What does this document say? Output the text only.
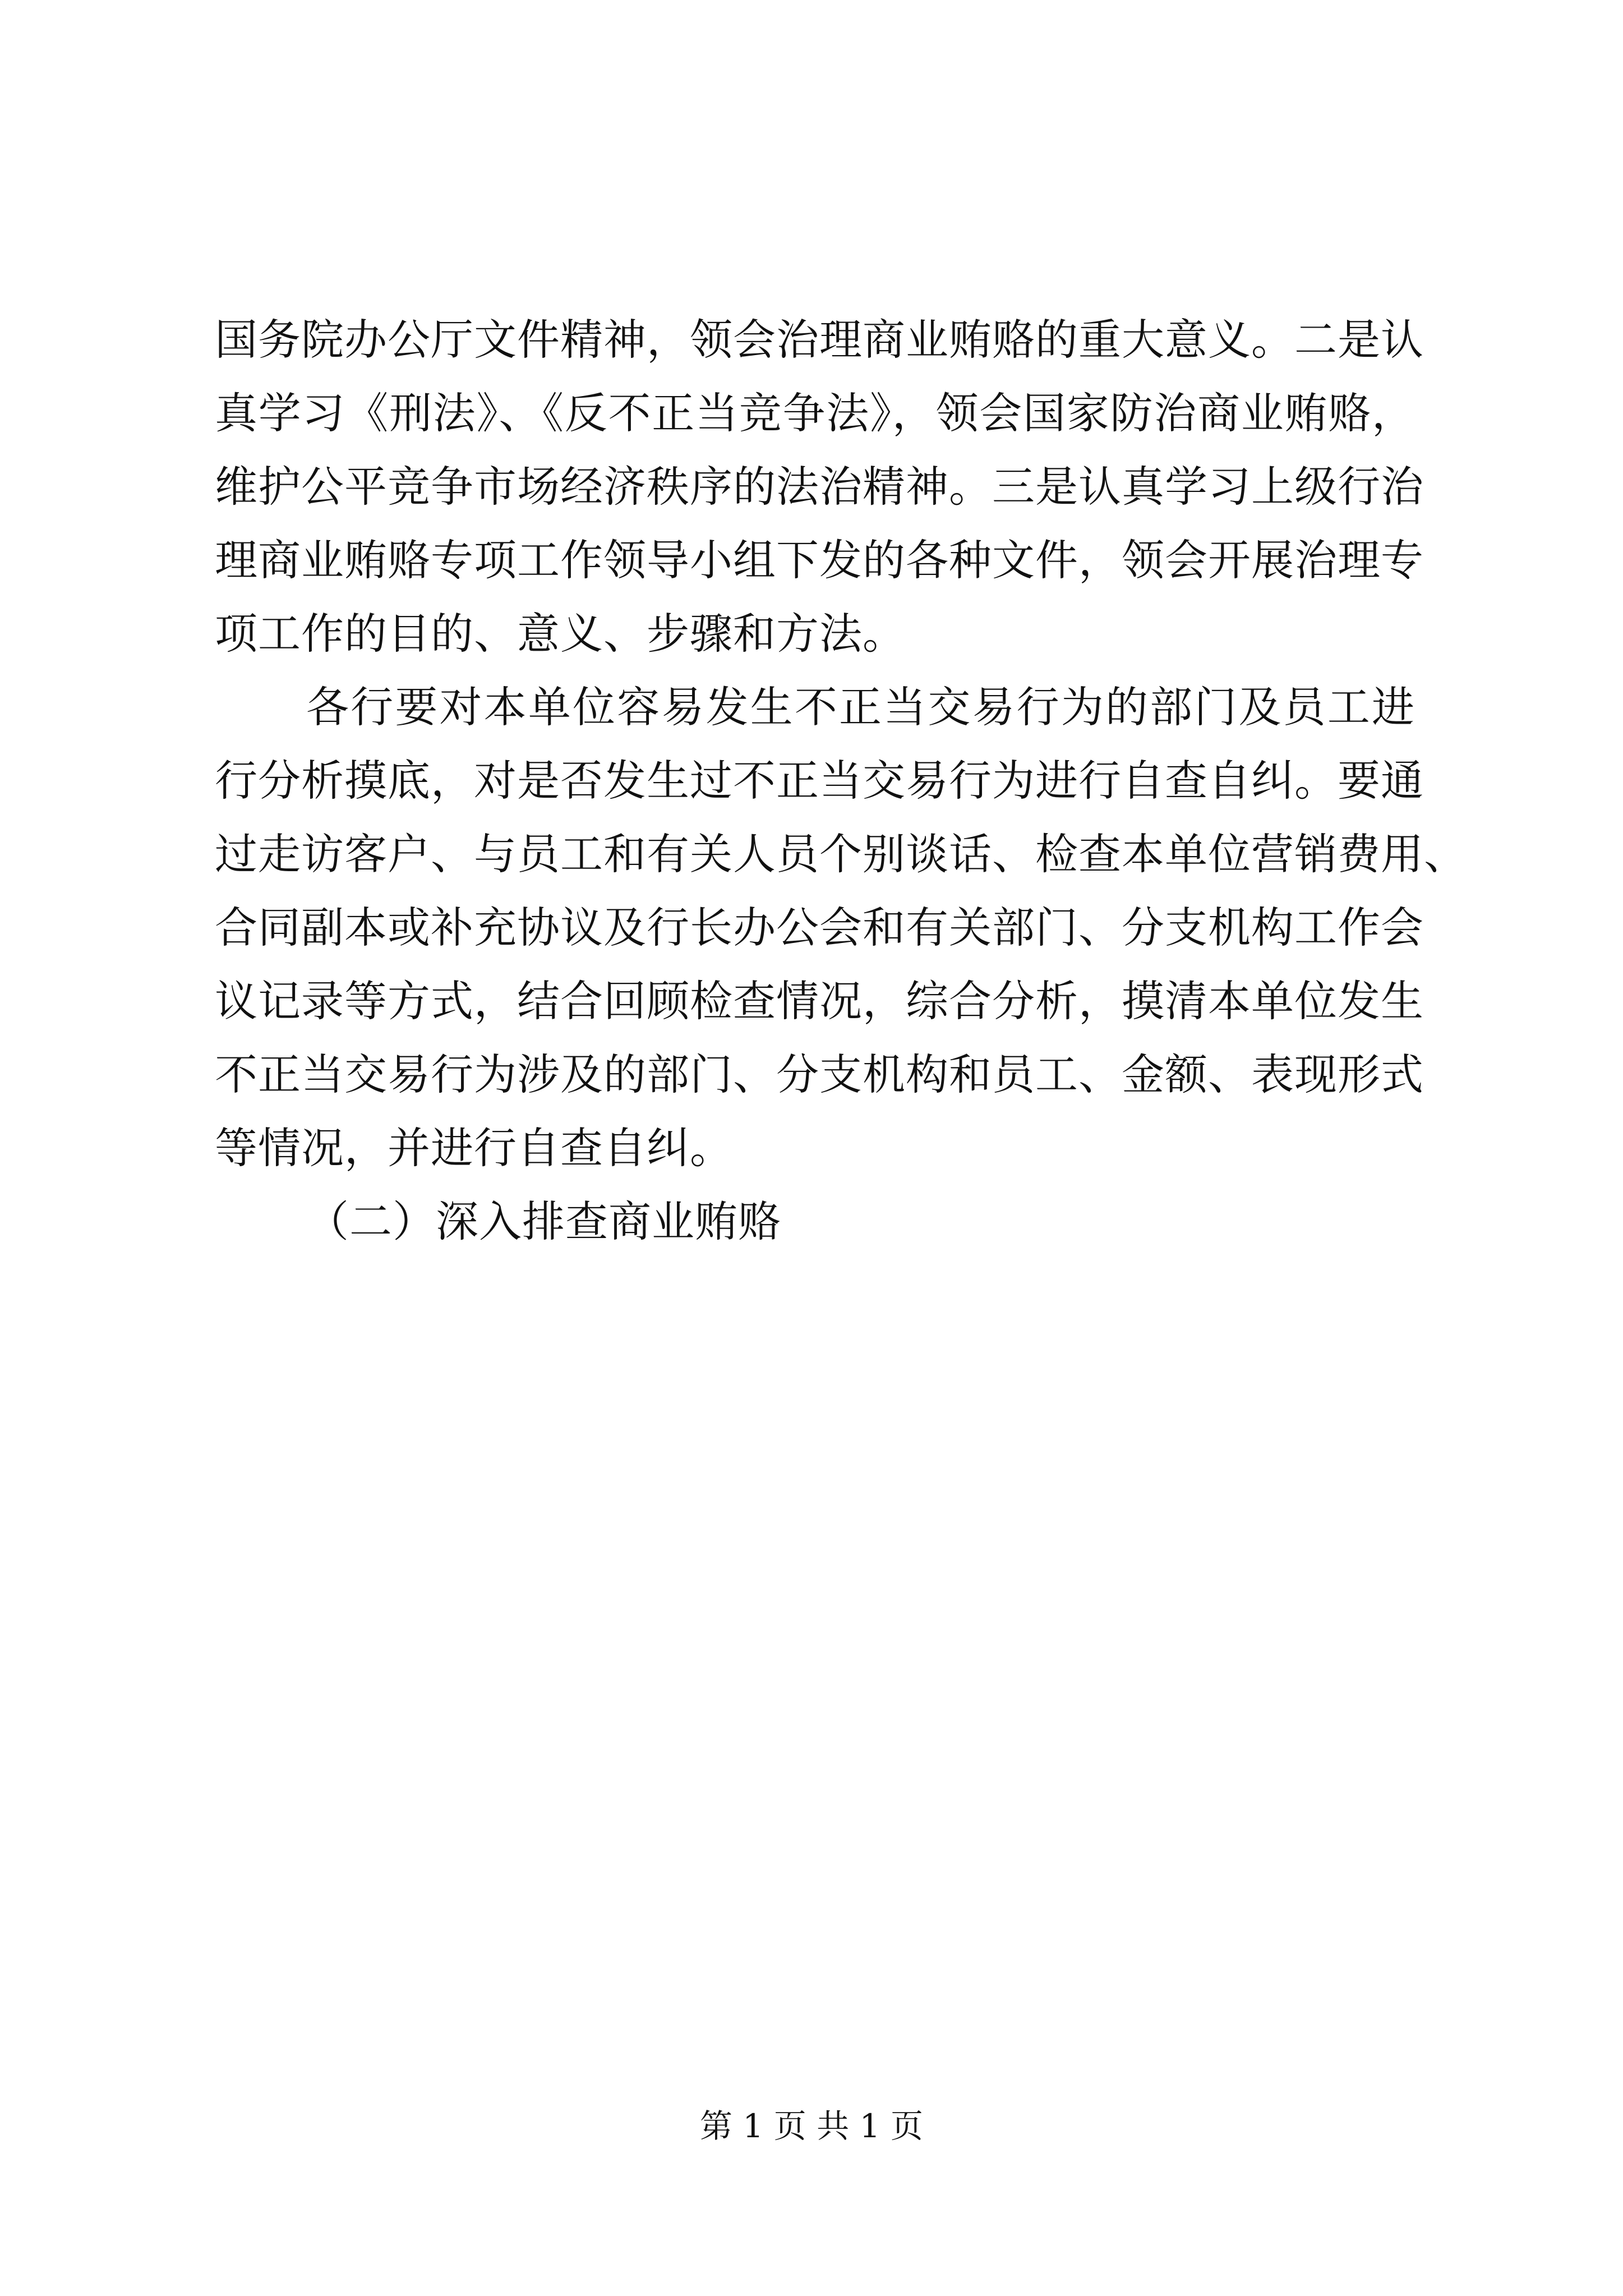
国务院办公厅文件精神，领会治理商业贿赂的重大意义。二是认
真学习《刑法》、《反不正当竞争法》，领会国家防治商业贿赂，
维护公平竞争市场经济秩序的法治精神。三是认真学习上级行治
理商业贿赂专项工作领导小组下发的各种文件，领会开展治理专
项工作的目的、意义、步骤和方法。
各行要对本单位容易发生不正当交易行为的部门及员工进
行分析摸底，对是否发生过不正当交易行为进行自查自纠。要通
过走访客户、与员工和有关人员个别谈话、检查本单位营销费用、
合同副本或补充协议及行长办公会和有关部门、分支机构工作会
议记录等方式，结合回顾检查情况，综合分析，摸清本单位发生
不正当交易行为涉及的部门、分支机构和员工、金额、表现形式
等情况，并进行自查自纠。
（二）深入排查商业贿赂
第 1 页 共 1 页
